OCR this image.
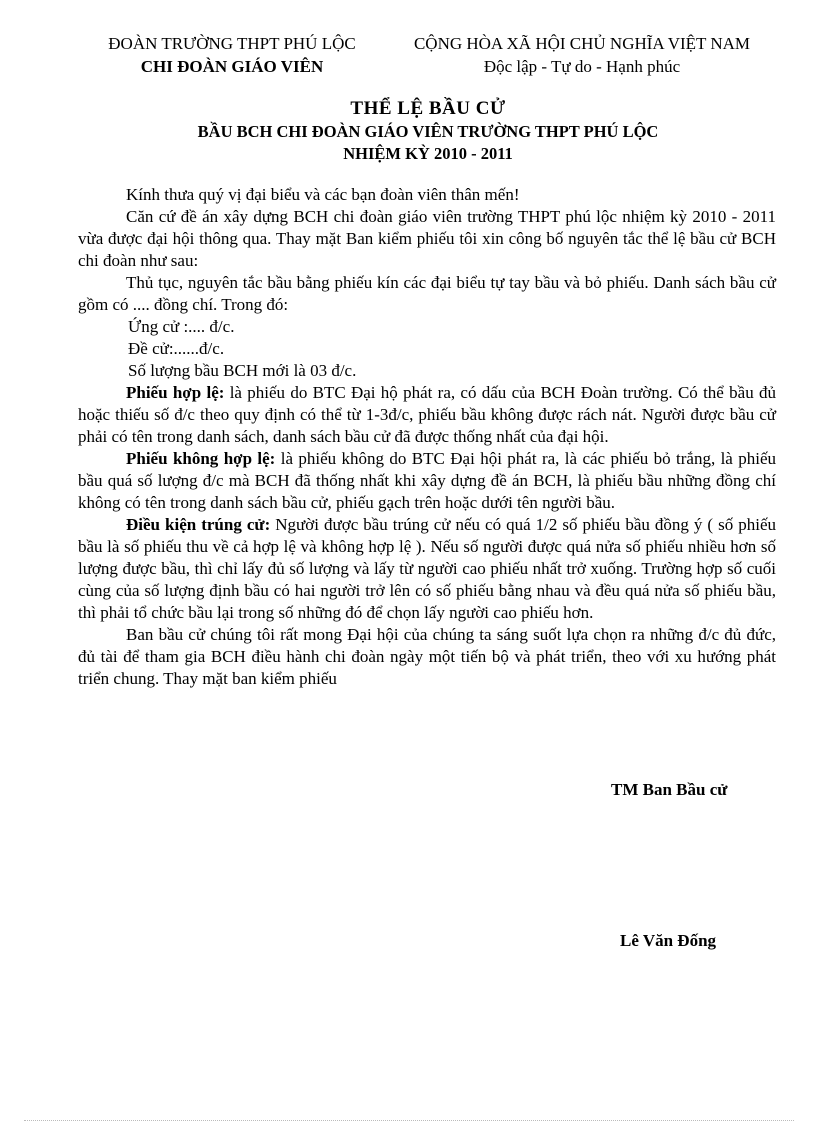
ĐOÀN TRƯỜNG THPT PHÚ LỘC
CHI ĐOÀN GIÁO VIÊN
CỘNG HÒA XÃ HỘI CHỦ NGHĨA VIỆT NAM
Độc lập - Tự do - Hạnh phúc
THỂ LỆ BẦU CỬ
BẦU BCH CHI ĐOÀN GIÁO VIÊN TRƯỜNG THPT PHÚ LỘC
NHIỆM KỲ 2010 - 2011

Kính thưa quý vị đại biểu và các bạn đoàn viên thân mến!

Căn cứ đề án xây dựng BCH chi đoàn giáo viên trường THPT phú lộc nhiệm kỳ 2010 - 2011 vừa được đại hội thông qua. Thay mặt Ban kiểm phiếu tôi xin công bố nguyên tắc thể lệ bầu cử BCH chi đoàn như sau:

Thủ tục, nguyên tắc bầu bằng phiếu kín các đại biểu tự tay bầu và bỏ phiếu. Danh sách bầu cử gồm có .... đồng chí. Trong đó:

Ứng cử :.... đ/c.

Đề cử:......đ/c.

Số lượng bầu BCH mới là 03 đ/c.

Phiếu hợp lệ: là phiếu do BTC Đại hộ phát ra, có dấu của BCH Đoàn trường. Có thể bầu đủ hoặc thiếu số đ/c theo quy định có thể từ 1-3đ/c, phiếu bầu không được rách nát. Người được bầu cử phải có tên trong danh sách, danh sách bầu cử đã được thống nhất của đại hội.

Phiếu không hợp lệ: là phiếu không do BTC Đại hội phát ra, là các phiếu bỏ trắng, là phiếu bầu quá số lượng đ/c mà BCH đã thống nhất khi xây dựng đề án BCH, là phiếu bầu những đồng chí không có tên trong danh sách bầu cử, phiếu gạch trên hoặc dưới tên người bầu.

Điều kiện trúng cử: Người được bầu trúng cử nếu có quá 1/2 số phiếu bầu đồng ý ( số phiếu bầu là số phiếu thu về cả hợp lệ và không hợp lệ ). Nếu số người được quá nửa số phiếu nhiều hơn số lượng được bầu, thì chỉ lấy đủ số lượng và lấy từ người cao phiếu nhất trở xuống. Trường hợp số cuối cùng của số lượng định bầu có hai người trở lên có số phiếu bằng nhau và đều quá nửa số phiếu bầu, thì phải tổ chức bầu lại trong số những đó để chọn lấy người cao phiếu hơn.

Ban bầu cử chúng tôi rất mong Đại hội của chúng ta sáng suốt lựa chọn ra những đ/c đủ đức, đủ tài để tham gia BCH điều hành chi đoàn ngày một tiến bộ và phát triển, theo với xu hướng phát triển chung. Thay mặt ban kiểm phiếu

TM Ban Bầu cử
Lê Văn Đống
